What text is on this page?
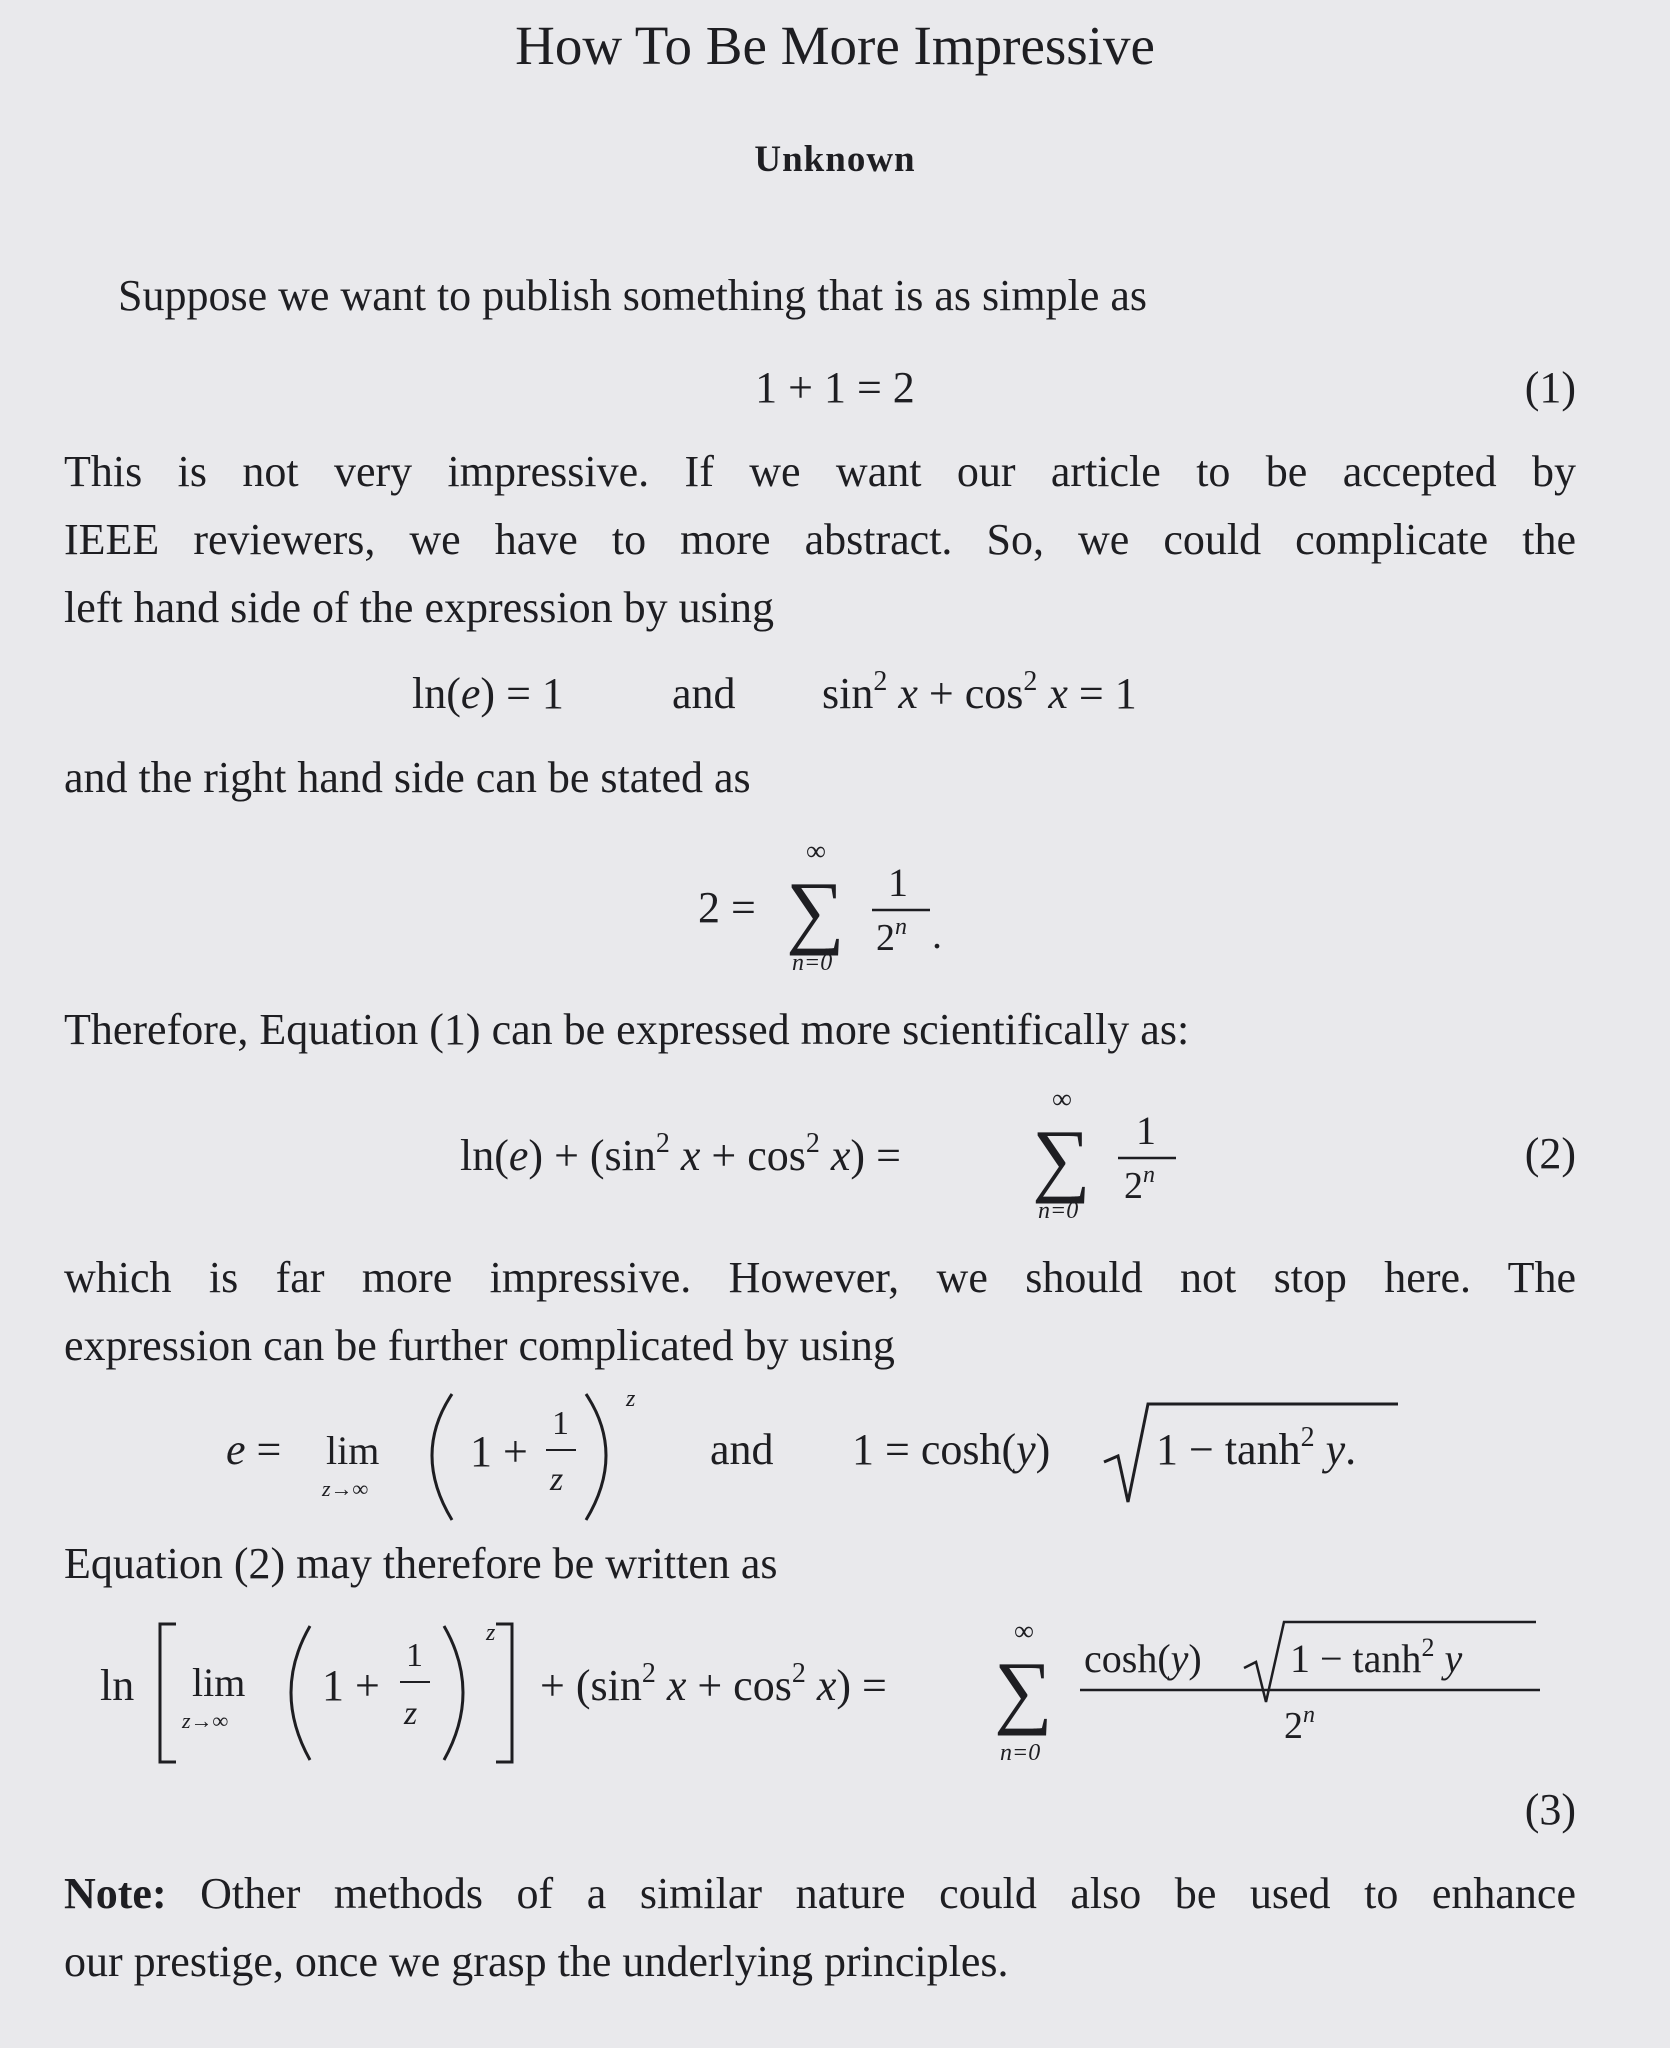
How To Be More Impressive
Unknown
Suppose we want to publish something that is as simple as
1 + 1 = 2	(1)
This is not very impressive. If we want our article to be accepted by
IEEE reviewers, we have to more abstract. So, we could complicate the
left hand side of the expression by using
ln(e) = 1 and $\sin^2 x + \cos^2 x = 1$
and the right hand side can be stated as
2 = ∑
∞
n=0
1
2$^n$ .
Therefore, Equation (1) can be expressed more scientifically as:
$\ln(e) + (\sin^2$ $x + \cos^2 x$) = ∑
∞
n=0
1
2$^n$	(2)
which is far more impressive. However, we should not stop here. The
expression can be further complicated by using
e = lim
z→∞
1 +
1
z
z
and 1 = cosh(y) $1 - \tanh^2 y$.
Equation (2) may therefore be written as
ln lim
z→∞
1 +
1
z
z
+ ($\sin^2$ $x + \cos^2 x$) = ∑
∞
n=0
cosh(y) $1 - \tanh^2 y$
2$^n$
(3)
Note: Other methods of a similar nature could also be used to enhance
our prestige, once we grasp the underlying principles.
